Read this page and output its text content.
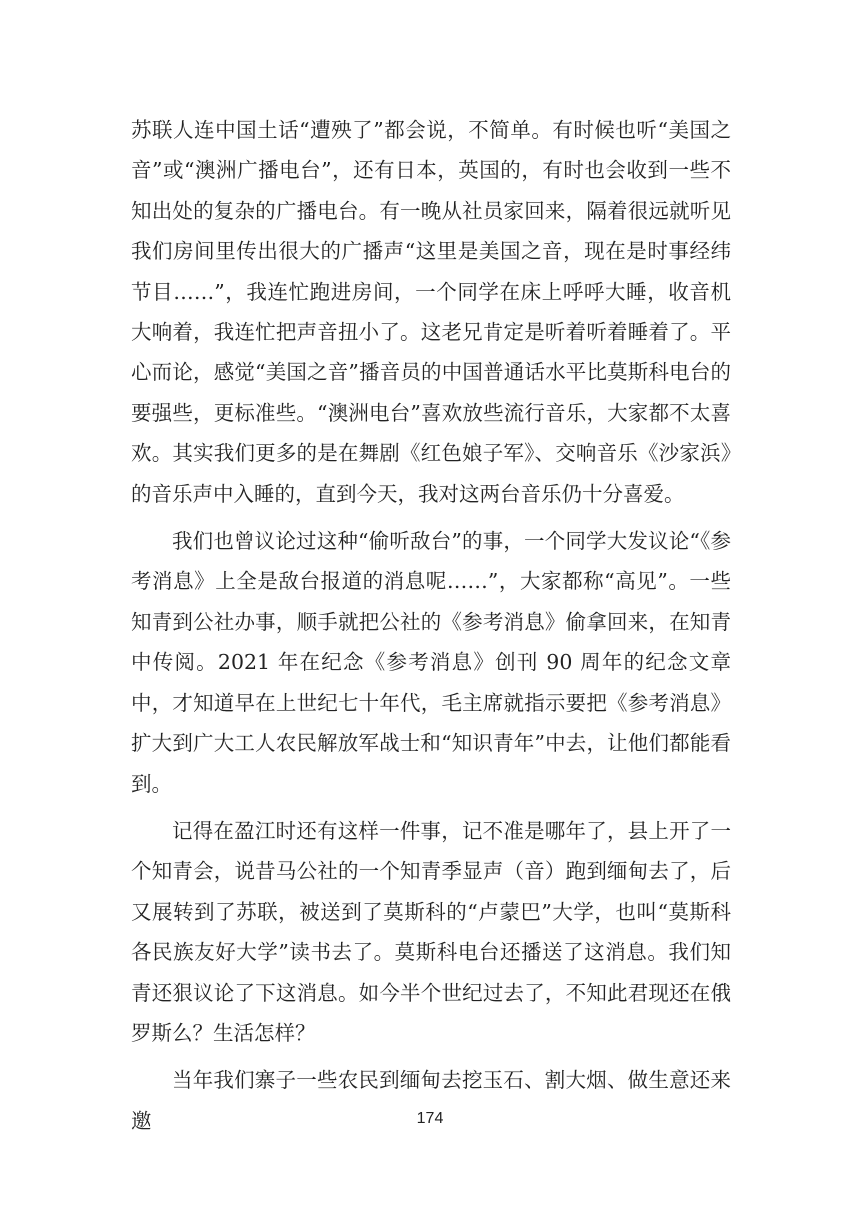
苏联人连中国土话“遭殃了”都会说，不简单。有时候也听“美国之音”或“澳洲广播电台”，还有日本，英国的，有时也会收到一些不知出处的复杂的广播电台。有一晚从社员家回来，隔着很远就听见我们房间里传出很大的广播声“这里是美国之音，现在是时事经纬节目……”，我连忙跑进房间，一个同学在床上呼呼大睡，收音机大响着，我连忙把声音扭小了。这老兄肯定是听着听着睡着了。平心而论，感觉“美国之音”播音员的中国普通话水平比莫斯科电台的要强些，更标准些。“澳洲电台”喜欢放些流行音乐，大家都不太喜欢。其实我们更多的是在舞剧《红色娘子军》、交响音乐《沙家浜》的音乐声中入睡的，直到今天，我对这两台音乐仍十分喜爱。

我们也曾议论过这种“偷听敌台”的事，一个同学大发议论“《参考消息》上全是敌台报道的消息呢……”，大家都称“高见”。一些知青到公社办事，顺手就把公社的《参考消息》偷拿回来，在知青中传阅。2021 年在纪念《参考消息》创刊 90 周年的纪念文章中，才知道早在上世纪七十年代，毛主席就指示要把《参考消息》扩大到广大工人农民解放军战士和“知识青年”中去，让他们都能看到。

记得在盈江时还有这样一件事，记不准是哪年了，县上开了一个知青会，说昔马公社的一个知青季显声（音）跑到缅甸去了，后又展转到了苏联，被送到了莫斯科的“卢蒙巴”大学，也叫“莫斯科各民族友好大学”读书去了。莫斯科电台还播送了这消息。我们知青还狠议论了下这消息。如今半个世纪过去了，不知此君现还在俄罗斯么？生活怎样？

当年我们寨子一些农民到缅甸去挖玉石、割大烟、做生意还来邀	174
